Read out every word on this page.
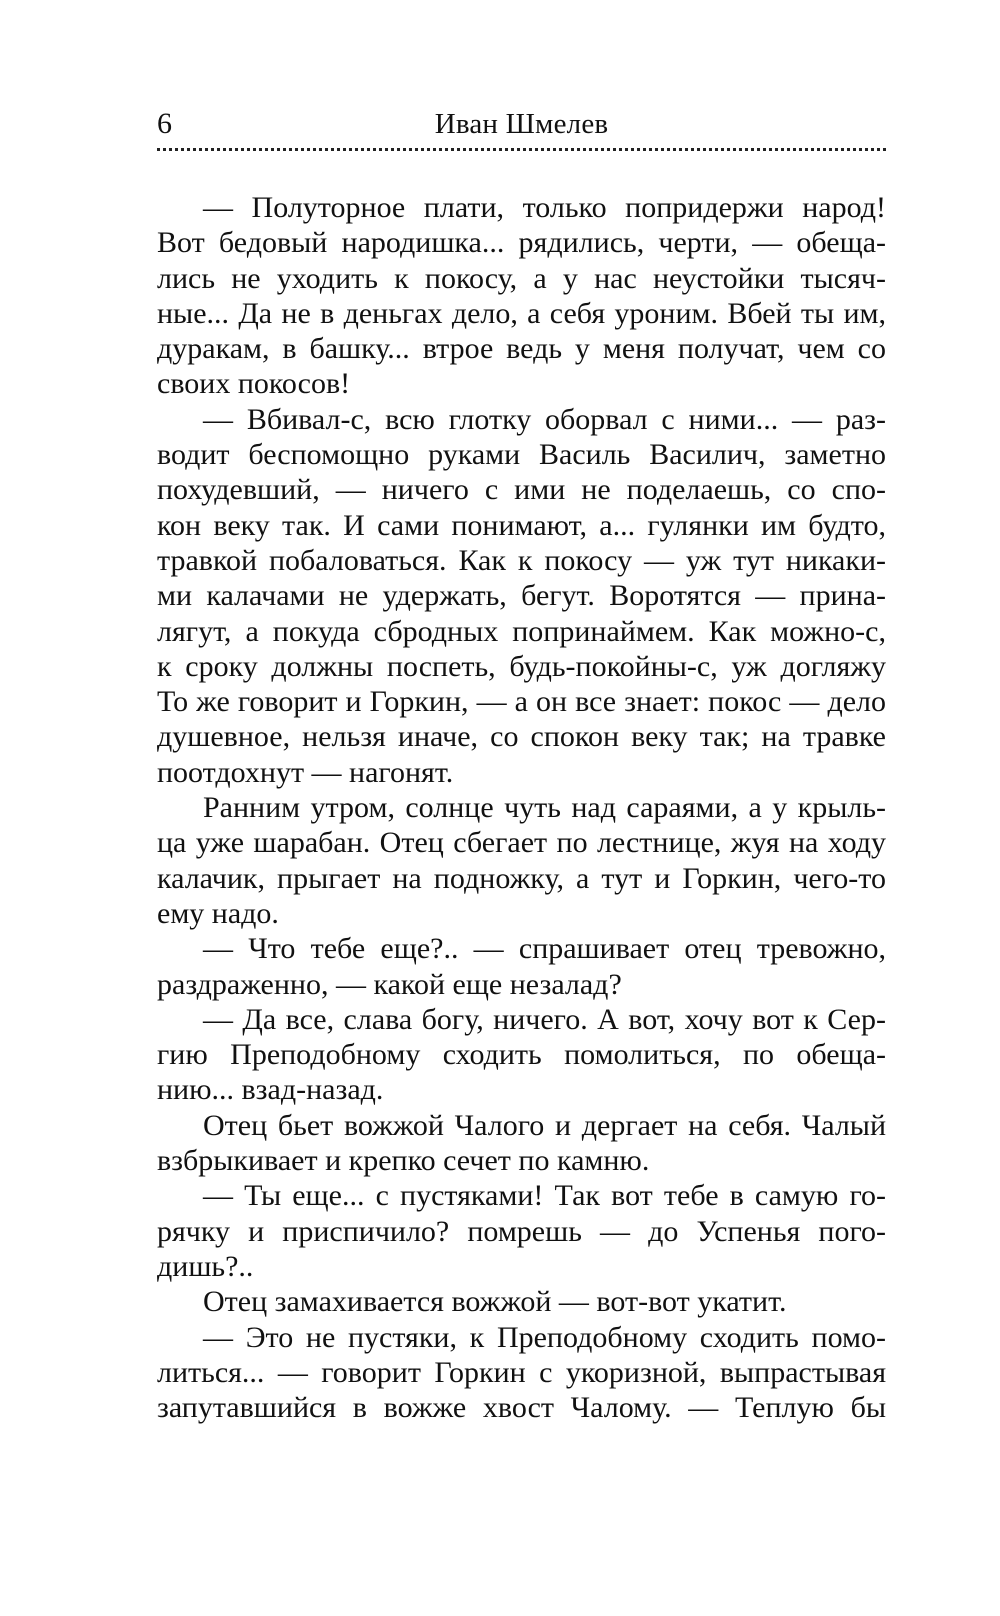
6	Иван Шмелев
— Полуторное плати, только попридержи народ!
Вот бедовый народишка... рядились, черти, — обеща-
лись не уходить к покосу, а у нас неустойки тысяч-
ные... Да не в деньгах дело, а себя уроним. Вбей ты им,
дуракам, в башку... втрое ведь у меня получат, чем со
своих покосов!
— Вбивал-с, всю глотку оборвал с ними... — раз-
водит беспомощно руками Василь Василич, заметно
похудевший, — ничего с ими не поделаешь, со спо-
кон веку так. И сами понимают, а... гулянки им будто,
травкой побаловаться. Как к покосу — уж тут никаки-
ми калачами не удержать, бегут. Воротятся — прина-
лягут, а покуда сбродных попринаймем. Как можно-с,
к сроку должны поспеть, будь-покойны-с, уж догляжу
То же говорит и Горкин, — а он все знает: покос — дело
душевное, нельзя иначе, со спокон веку так; на травке
поотдохнут — нагонят.
Ранним утром, солнце чуть над сараями, а у крыль-
ца уже шарабан. Отец сбегает по лестнице, жуя на ходу
калачик, прыгает на подножку, а тут и Горкин, чего-то
ему надо.
— Что тебе еще?.. — спрашивает отец тревожно,
раздраженно, — какой еще незалад?
— Да все, слава богу, ничего. А вот, хочу вот к Сер-
гию Преподобному сходить помолиться, по обеща-
нию... взад-назад.
Отец бьет вожжой Чалого и дергает на себя. Чалый
взбрыкивает и крепко сечет по камню.
— Ты еще... с пустяками! Так вот тебе в самую го-
рячку и приспичило? помрешь — до Успенья пого-
дишь?..
Отец замахивается вожжой — вот-вот укатит.
— Это не пустяки, к Преподобному сходить помо-
литься... — говорит Горкин с укоризной, выпрастывая
запутавшийся в вожже хвост Чалому. — Теплую бы
